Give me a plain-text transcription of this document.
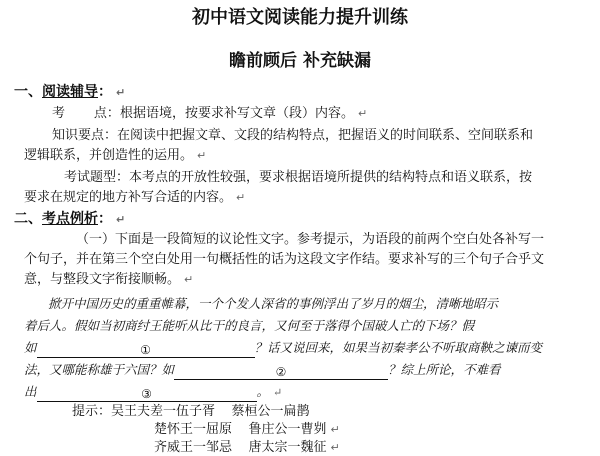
初中语文阅读能力提升训练
瞻前顾后 补充缺漏
一、阅读辅导： ↵
考       点：根据语境，按要求补写文章（段）内容。 ↵
知识要点：在阅读中把握文章、文段的结构特点，把握语义的时间联系、空间联系和
逻辑联系，并创造性的运用。 ↵
考试题型：本考点的开放性较强，要求根据语境所提供的结构特点和语义联系，按
要求在规定的地方补写合适的内容。 ↵
二、考点例析： ↵
（一）下面是一段简短的议论性文字。参考提示，为语段的前两个空白处各补写一
个句子，并在第三个空白处用一句概括性的话为这段文字作结。要求补写的三个句子合乎文
意，与整段文字衔接顺畅。 ↵
掀开中国历史的重重帷幕，一个个发人深省的事例浮出了岁月的烟尘，清晰地昭示
着后人。假如当初商纣王能听从比干的良言，又何至于落得个国破人亡的下场？假
如	①	？话又说回来，如果当初秦孝公不听取商鞅之谏而变
法，又哪能称雄于六国？如	②	？综上所论，不难看
出	③	。 ↵
提示：吴王夫差一伍子胥    蔡桓公一扁鹊
楚怀王一屈原    鲁庄公一曹刿 ↵
齐威王一邹忌    唐太宗一魏征 ↵
